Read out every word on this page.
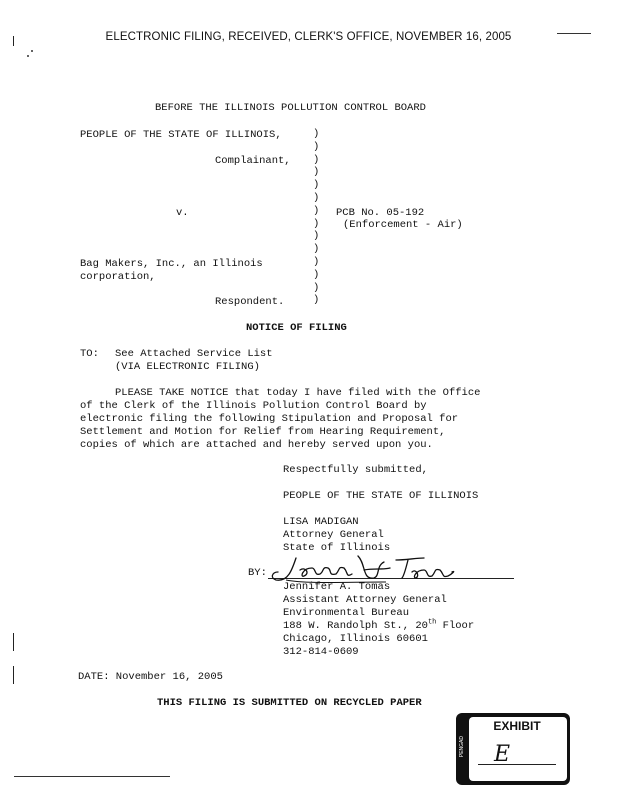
ELECTRONIC FILING, RECEIVED, CLERK'S OFFICE, NOVEMBER 16, 2005
BEFORE THE ILLINOIS POLLUTION CONTROL BOARD
PEOPLE OF THE STATE OF ILLINOIS,
Complainant,
v.
Bag Makers, Inc., an Illinois
corporation,
Respondent.
)
)
)
)
)
)
)
)
)
)
)
)
)
)
PCB No. 05-192
(Enforcement - Air)
NOTICE OF FILING
TO: See Attached Service List
(VIA ELECTRONIC FILING)
PLEASE TAKE NOTICE that today I have filed with the Office
of the Clerk of the Illinois Pollution Control Board by
electronic filing the following Stipulation and Proposal for
Settlement and Motion for Relief from Hearing Requirement,
copies of which are attached and hereby served upon you.
Respectfully submitted,
PEOPLE OF THE STATE OF ILLINOIS
LISA MADIGAN
Attorney General
State of Illinois
BY:
Jennifer A. Tomas
Assistant Attorney General
Environmental Bureau
188 W. Randolph St., 20th Floor
Chicago, Illinois 60601
312-814-0609
DATE: November 16, 2005
THIS FILING IS SUBMITTED ON RECYCLED PAPER
EXHIBIT
E
PENGAD
